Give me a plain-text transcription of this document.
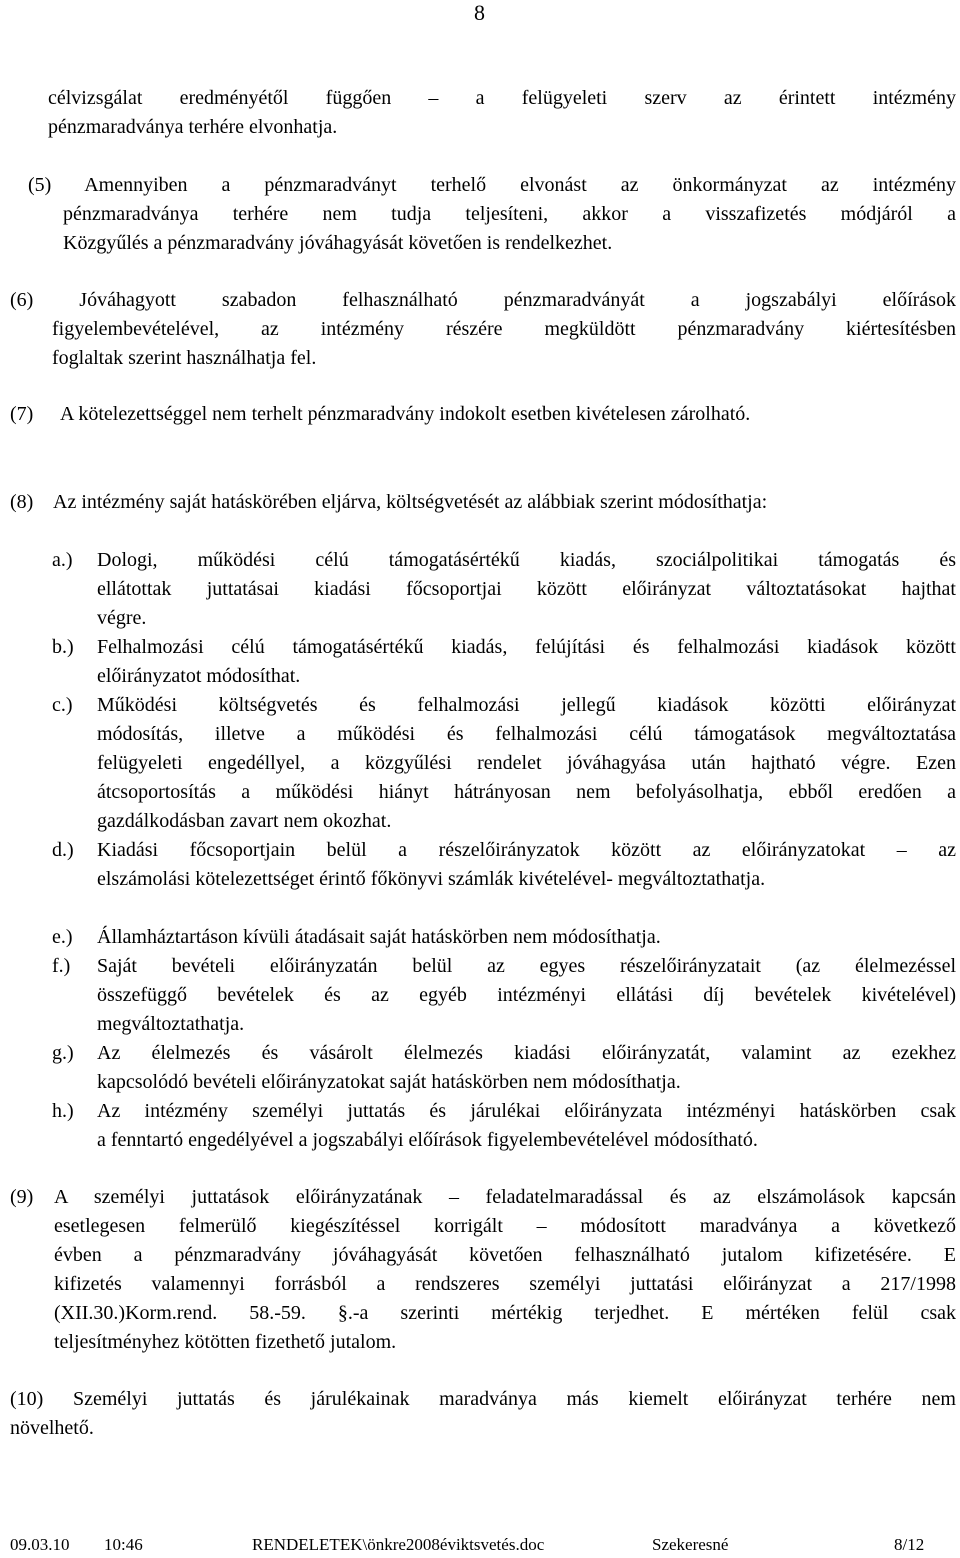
8
célvizsgálat eredményétől függően – a felügyeleti szerv az érintett intézmény
pénzmaradványa terhére elvonhatja.
(5) Amennyiben a pénzmaradványt terhelő elvonást az önkormányzat az intézmény
pénzmaradványa terhére nem tudja teljesíteni, akkor a visszafizetés módjáról a
Közgyűlés a pénzmaradvány jóváhagyását követően is rendelkezhet.
(6) Jóváhagyott szabadon felhasználható pénzmaradványát a jogszabályi előírások
figyelembevételével, az intézmény részére megküldött pénzmaradvány kiértesítésben
foglaltak szerint használhatja fel.
(7) A kötelezettséggel nem terhelt pénzmaradvány indokolt esetben kivételesen zárolható.
(8) Az intézmény saját hatáskörében eljárva, költségvetését az alábbiak szerint módosíthatja:
a.) Dologi, működési célú támogatásértékű kiadás, szociálpolitikai támogatás és
ellátottak juttatásai kiadási főcsoportjai között előirányzat változtatásokat hajthat
végre.
b.) Felhalmozási célú támogatásértékű kiadás, felújítási és felhalmozási kiadások között
előirányzatot módosíthat.
c.) Működési költségvetés és felhalmozási jellegű kiadások közötti előirányzat
módosítás, illetve a működési és felhalmozási célú támogatások megváltoztatása
felügyeleti engedéllyel, a közgyűlési rendelet jóváhagyása után hajtható végre. Ezen
átcsoportosítás a működési hiányt hátrányosan nem befolyásolhatja, ebből eredően a
gazdálkodásban zavart nem okozhat.
d.) Kiadási főcsoportjain belül a részelőirányzatok között az előirányzatokat – az
elszámolási kötelezettséget érintő főkönyvi számlák kivételével- megváltoztathatja.
e.) Államháztartáson kívüli átadásait saját hatáskörben nem módosíthatja.
f.) Saját bevételi előirányzatán belül az egyes részelőirányzatait (az élelmezéssel
összefüggő bevételek és az egyéb intézményi ellátási díj bevételek kivételével)
megváltoztathatja.
g.) Az élelmezés és vásárolt élelmezés kiadási előirányzatát, valamint az ezekhez
kapcsolódó bevételi előirányzatokat saját hatáskörben nem módosíthatja.
h.) Az intézmény személyi juttatás és járulékai előirányzata intézményi hatáskörben csak
a fenntartó engedélyével a jogszabályi előírások figyelembevételével módosítható.
(9) A személyi juttatások előirányzatának – feladatelmaradással és az elszámolások kapcsán
esetlegesen felmerülő kiegészítéssel korrigált – módosított maradványa a következő
évben a pénzmaradvány jóváhagyását követően felhasználható jutalom kifizetésére. E
kifizetés valamennyi forrásból a rendszeres személyi juttatási előirányzat a 217/1998
(XII.30.)Korm.rend. 58.-59. §.-a szerinti mértékig terjedhet. E mértéken felül csak
teljesítményhez kötötten fizethető jutalom.
(10) Személyi juttatás és járulékainak maradványa más kiemelt előirányzat terhére nem
növelhető.
09.03.10 10:46	RENDELETEK\önkre2008éviktsvetés.doc	Szekeresné	8/12
